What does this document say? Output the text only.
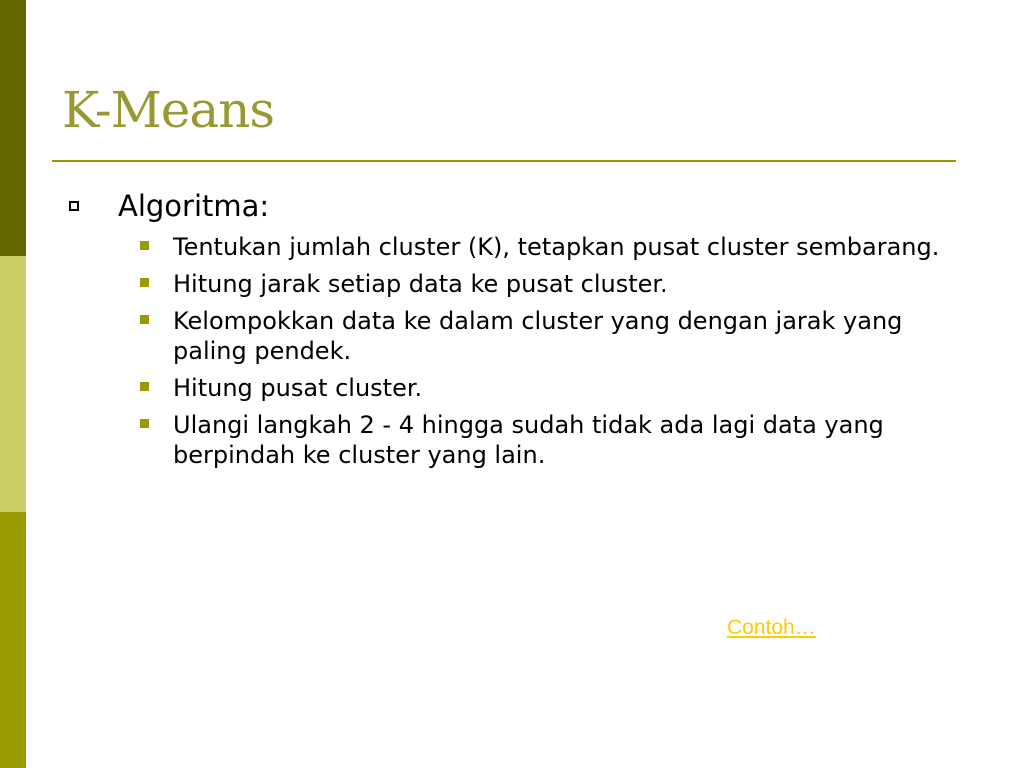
K-Means
Algoritma:
Tentukan jumlah cluster (K), tetapkan pusat cluster sembarang.
Hitung jarak setiap data ke pusat cluster.
Kelompokkan data ke dalam cluster yang dengan jarak yang paling pendek.
Hitung pusat cluster.
Ulangi langkah 2 - 4 hingga sudah tidak ada lagi data yang berpindah ke cluster yang lain.
Contoh…
